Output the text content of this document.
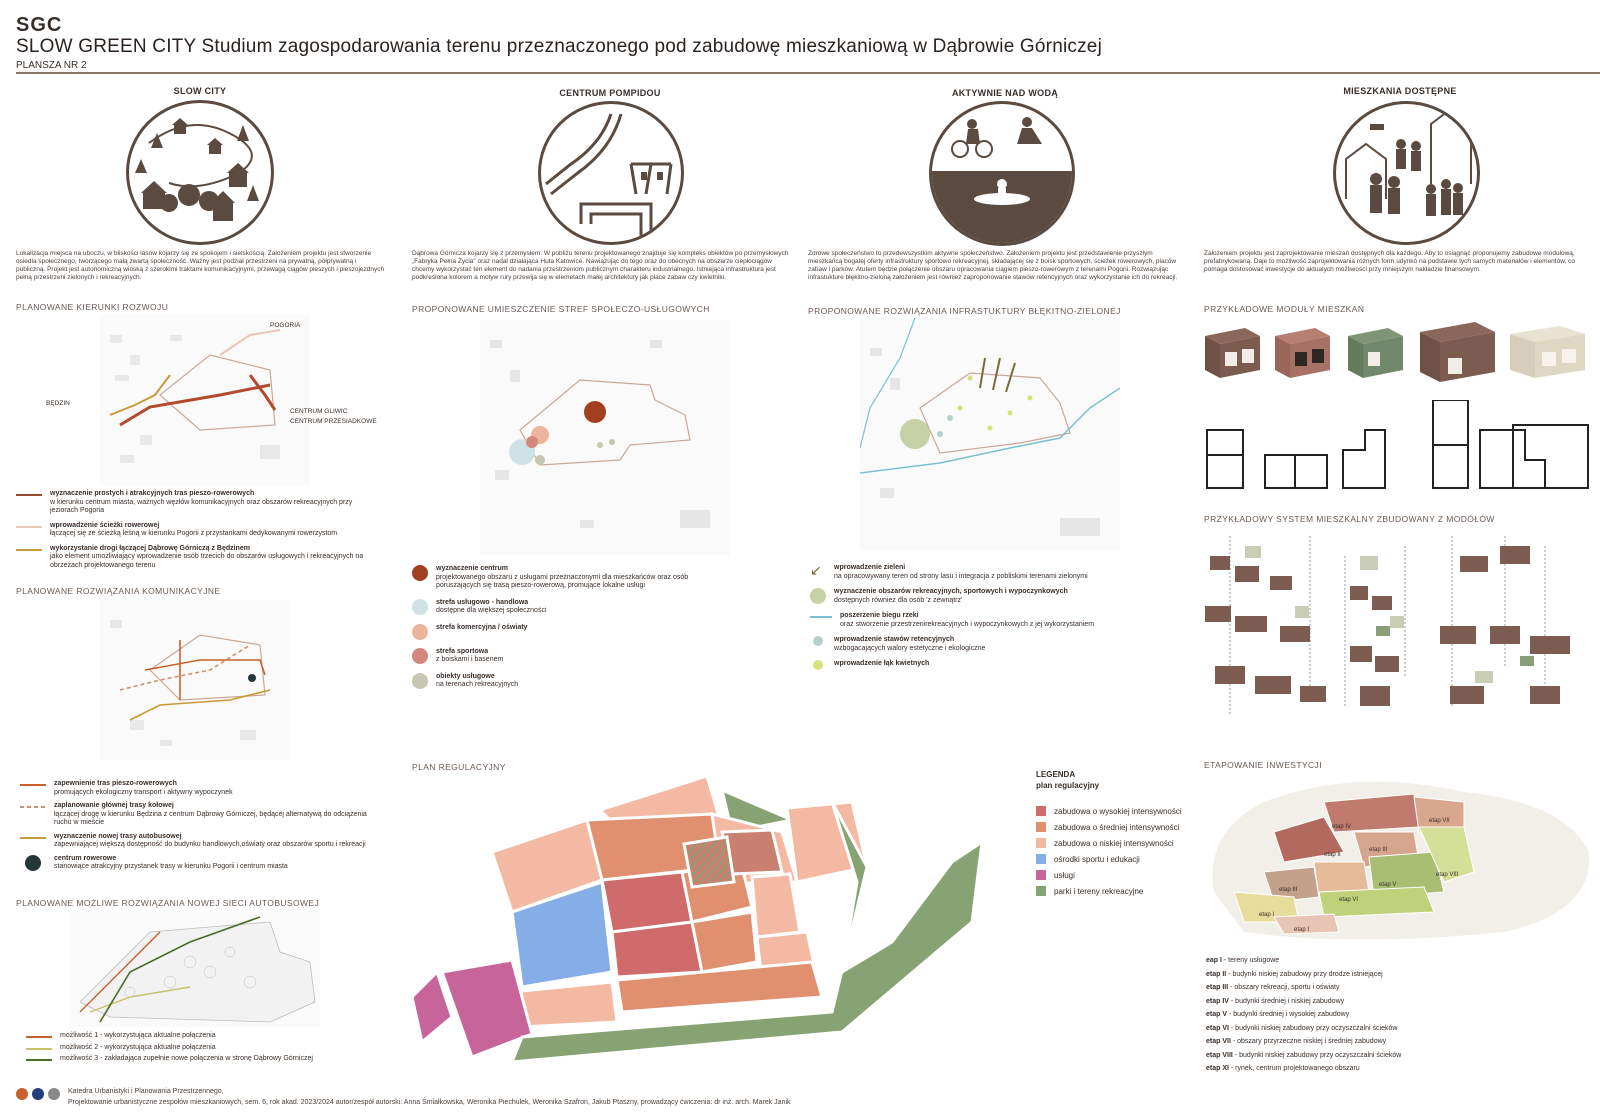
SGC
SLOW GREEN CITY Studium zagospodarowania terenu przeznaczonego pod zabudowę mieszkaniową w Dąbrowie Górniczej
PLANSZA NR 2
SLOW CITY
Lokalizacja miejsca na uboczu, w bliskości lasów kojarzy się ze spokojem i sielskością. Założeniem projektu jest stworzenie osiedla społecznego, tworzącego małą zwartą społeczność. Ważny jest podział przestrzeni na prywatną, półprywatną i publiczną. Projekt jest autonomiczną wioską z szerokimi traktami komunikacyjnymi, przewagą ciągów pieszych i pieszojezdnych pełną przestrzeni zielonych i rekreacyjnych.
CENTRUM POMPIDOU
Dąbrowa Górnicza kojarzy się z przemysłem. W pobliżu terenu projektowanego znajduje się kompleks obiektów po przemysłowych „Fabryka Pełna Życia" oraz nadal działająca Huta Katowice. Nawiązując do tego oraz do obecnych na obszarze ciepłociągów chcemy wykorzystać ten element do nadania przestrzeniom publicznym charakteru industrialnego. Istniejąca infrastruktura jest podkreślona kolorem a motyw rury przewija się w elemetach małej architektury jak place zabaw czy kwietniki.
AKTYWNIE NAD WODĄ
Zdrowe społeczeństwo to przedewszystkim aktywne społeczeństwo. Założeniem projektu jest przedstawienie przyszłym mieszkańcą bogatej oferty infrastruktury sportowo rekreacyjnej, składającej się z boisk sportowych, ścieżek rowerowych, placów zabaw i parków. Atutem będzie połączenie obszaru opracowania ciągiem pieszo-rowerowym z terenami Pogorii. Rozwiązując infrastukture błękitno-zieloną założeniem jest również zaproponowanie stawów retencyjnych oraz wykorzystanie ich do rekreacji.
MIESZKANIA DOSTĘPNE
Założeniem projektu jest zaprojektowanie mieszań dostępnych dla każdego. Aby to osiągnąć proponujemy zabudowe modułową, prefabrykowaną. Daje to możliwość zaprojektowania różnych form udynkó na podstawie tych samych materiałów i elementów, co pomaga dostosować inwestycje do aktualych możliwości przy mniejszym nakładzie finansowym.
PLANOWANE KIERUNKI ROZWOJU
POGORIA
BĘDZIN
CENTRUM GLIWIC
CENTRUM PRZESIADKOWE
wyznaczenie prostych i atrakcyjnych tras pieszo-rowerowych
w kierunku centrum miasta, ważnych węzłów komunikacyjnych oraz obszarów rekreacyjnych przy jeziorach Pogoria
wprowadzenie ścieżki rowerowej
łączącej się ze ścieżką leśną w kierunku Pogorii z przystankami dedykowanymi rowerzystom
wykorzystanie drogi łączącej Dąbrowę Górniczą z Będzinem
jako element umożliwiający wprowadzenie osób trzecich do obszarów usługowych i rekreacyjnych na obrzeżach projektowanego terenu
PLANOWANE ROZWIĄZANIA KOMUNIKACYJNE
zapewnienie tras pieszo-rowerowych
promujących ekologiczny transport i aktywny wypoczynek
zaplanowanie głównej trasy kołowej
łączącej drogę w kierunku Będzina z centrum Dąbrowy Górniczej, będącej alternatywą do odciążenia ruchu w mieście
wyznaczenie nowej trasy autobusowej
zapewniającej większą dostępność do budynku handlowych,oświaty oraz obszarów sportu i rekreacji
centrum rowerowe
stanowiące atrakcyjny przystanek trasy w kierunku Pogorii i centrum miasta
PLANOWANE MOŻLIWE ROZWIĄZANIA NOWEJ SIECI AUTOBUSOWEJ
możliwość 1 - wykorzystująca aktualne połączenia
możliwość 2 - wykorzystująca aktualne połączenia
możliwość 3 - zakładająca zupełnie nowe połączenia w stronę Dąbrowy Górniczej
PROPONOWANE UMIESZCZENIE STREF SPOŁECZO-USŁUGOWYCH
wyznaczenie centrum
projektowanego obszaru z usługami przeznaczonymi dla mieszkańców oraz osób poruszających się trasą pieszo-rowerową, promujące lokalne usługi
strefa usługowo - handlowa
dostępne dla większej społeczności
strefa komercyjna / oświaty
strefa sportowa
z boiskami i basenem
obiekty usługowe
na terenach rekreacyjnych
PROPONOWANE ROZWIĄZANIA INFRASTUKTURY BŁĘKITNO-ZIELONEJ
↙	wprowadzenie zieleni
na opracowywany teren od strony lasu i integracja z pobliskimi terenami zielonymi
wyznaczenie obszarów rekreacyjnych, sportowych i wypoczynkowych
dostępnych również dla osób 'z zewnątrz'
poszerzenie biegu rzeki
oraz stworzenie przestrzenirekreacyjnych i wypoczynkowych z jej wykorzystaniem
wprowadzenie stawów retencyjnych
wzbogacających walory estetyczne i ekologiczne
wprowadzenie łąk kwietnych
PRZYKŁADOWE MODUŁY MIESZKAŃ
PRZYKŁADOWY SYSTEM MIESZKALNY ZBUDOWANY Z MODÓŁÓW
PLAN REGULACYJNY
LEGENDA
plan regulacyjny
zabudowa o wysokiej intensywności
zabudowa o średniej intensywności
zabudowa o niskiej intensywności
ośrodki sportu i edukacji
usługi
parki i tereny rekreacyjne
ETAPOWANIE INWESTYCJI
etap IV
etap III
etap VII
etap II
etap VIII
etap V
etap VI
etap I
etap I
etap III
eap I - tereny usługowe
etap II - budynki niskiej zabudowy przy drodze istniejącej
etap III - obszary rekreacji, sportu i oświaty
etap IV - budynki średniej i niskiej zabudowy
etap V - budynki średniej i wysokiej zabudowy
etap VI - budynki niskiej zabudowy przy oczyszczalni ścieków
etap VII - obszary przyrzeczne niskiej i średniej zabudowy
etap VIII - budynki niskiej zabudowy przy oczyszczalni ścieków
etap XI - rynek, centrum projektowanego obszaru
Katedra Urbanistyki i Planowania Przestrzennego,
Projektowanie urbanistyczne zespołów mieszkaniowych, sem. 6, rok akad. 2023/2024 autor/zespół autorski: Anna Śmiałkowska, Weronika Piechulek, Weronika Szafron, Jakub Ptaszny, prowadzący ćwiczenia: dr inż. arch. Marek Janik
